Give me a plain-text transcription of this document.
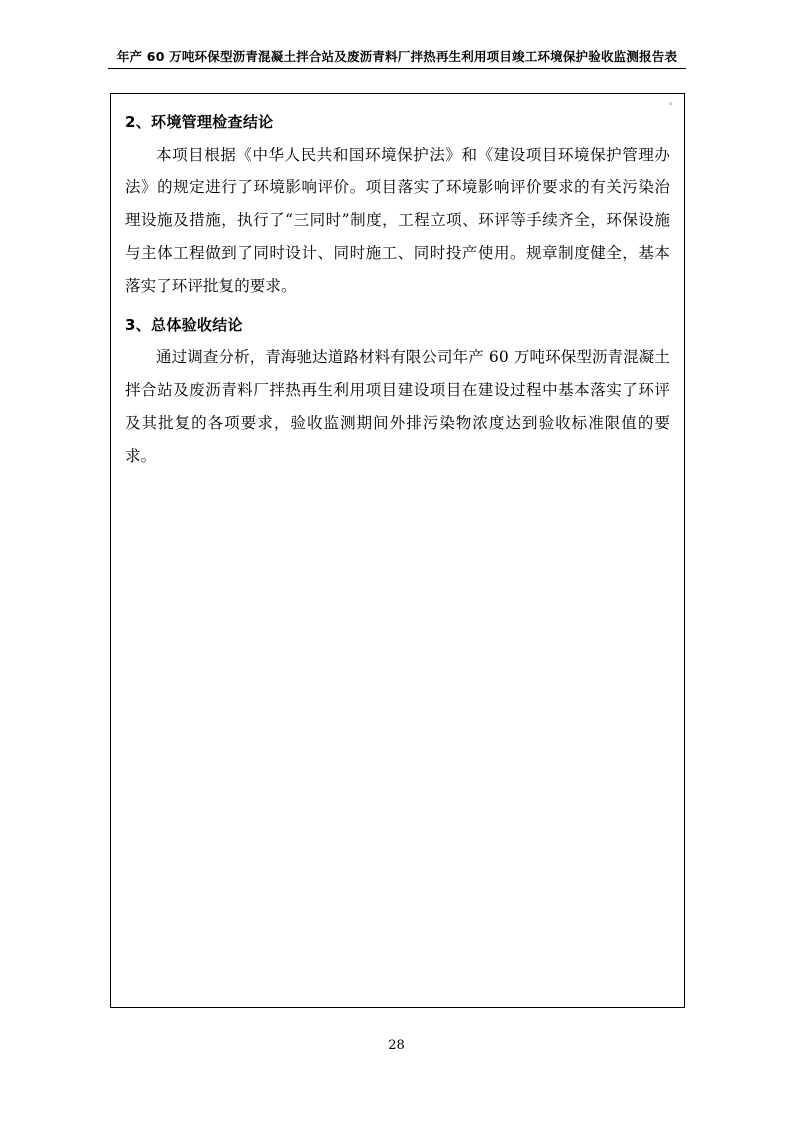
年产 60 万吨环保型沥青混凝土拌合站及废沥青料厂拌热再生利用项目竣工环境保护验收监测报告表
。
2、环境管理检查结论

本项目根据《中华人民共和国环境保护法》和《建设项目环境保护管理办法》的规定进行了环境影响评价。项目落实了环境影响评价要求的有关污染治理设施及措施，执行了“三同时”制度，工程立项、环评等手续齐全，环保设施与主体工程做到了同时设计、同时施工、同时投产使用。规章制度健全，基本落实了环评批复的要求。

3、总体验收结论

通过调查分析，青海驰达道路材料有限公司年产 60 万吨环保型沥青混凝土拌合站及废沥青料厂拌热再生利用项目建设项目在建设过程中基本落实了环评及其批复的各项要求，验收监测期间外排污染物浓度达到验收标准限值的要求。

28
